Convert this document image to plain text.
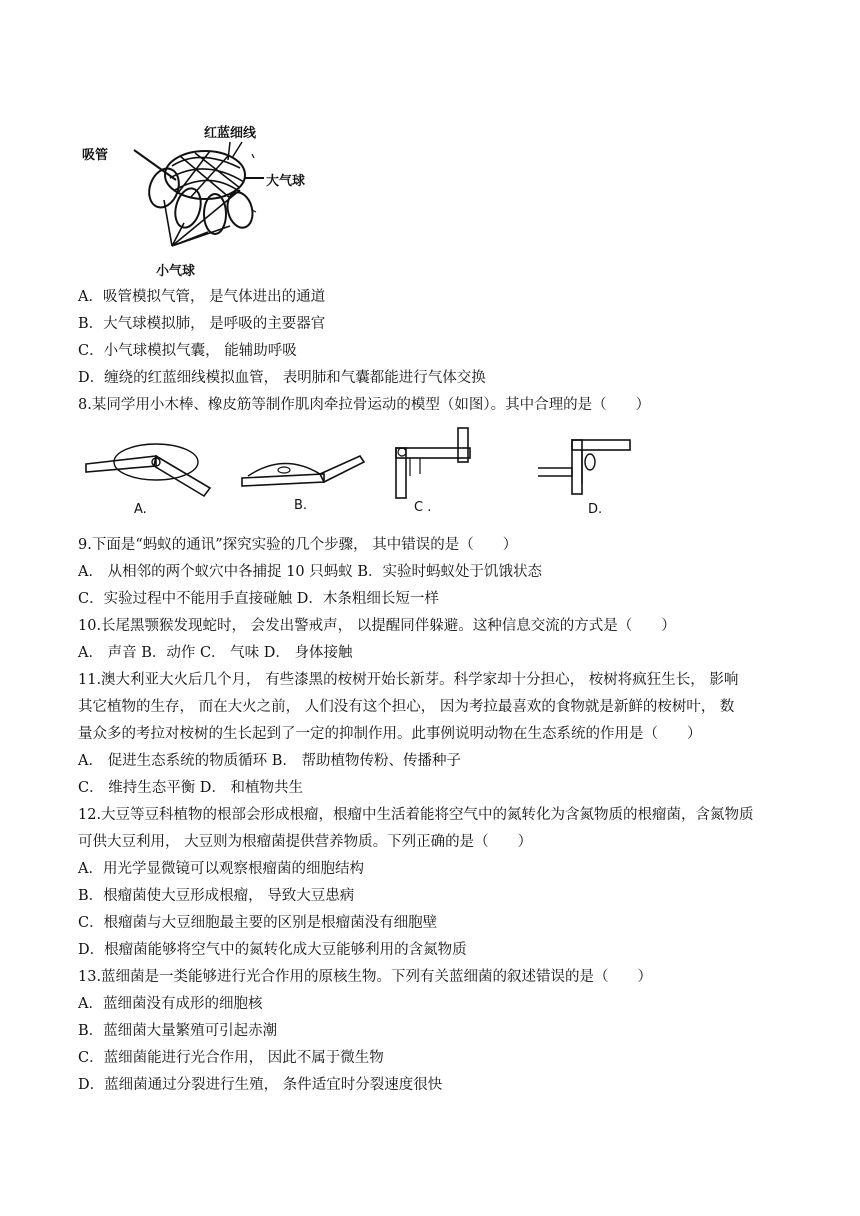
吸管
红蓝细线
大气球
小气球
A．吸管模拟气管， 是气体进出的通道
B．大气球模拟肺， 是呼吸的主要器官
C．小气球模拟气囊， 能辅助呼吸
D．缠绕的红蓝细线模拟血管， 表明肺和气囊都能进行气体交换
8.某同学用小木棒、橡皮筋等制作肌肉牵拉骨运动的模型（如图）。其中合理的是（　　）
A.	B.	C .	D.
9.下面是“蚂蚁的通讯”探究实验的几个步骤， 其中错误的是（　　）
A． 从相邻的两个蚁穴中各捕捉 10 只蚂蚁 B．实验时蚂蚁处于饥饿状态
C．实验过程中不能用手直接碰触 D．木条粗细长短一样
10.长尾黑颚猴发现蛇时， 会发出警戒声， 以提醒同伴躲避。这种信息交流的方式是（　　）
A． 声音 B．动作 C． 气味 D． 身体接触
11.澳大利亚大火后几个月， 有些漆黑的桉树开始长新芽。科学家却十分担心， 桉树将疯狂生长， 影响
其它植物的生存， 而在大火之前， 人们没有这个担心， 因为考拉最喜欢的食物就是新鲜的桉树叶， 数
量众多的考拉对桉树的生长起到了一定的抑制作用。此事例说明动物在生态系统的作用是（　　）
A． 促进生态系统的物质循环 B． 帮助植物传粉、传播种子
C． 维持生态平衡 D． 和植物共生
12.大豆等豆科植物的根部会形成根瘤，根瘤中生活着能将空气中的氮转化为含氮物质的根瘤菌，含氮物质
可供大豆利用， 大豆则为根瘤菌提供营养物质。下列正确的是（　　）
A．用光学显微镜可以观察根瘤菌的细胞结构
B．根瘤菌使大豆形成根瘤， 导致大豆患病
C．根瘤菌与大豆细胞最主要的区别是根瘤菌没有细胞壁
D．根瘤菌能够将空气中的氮转化成大豆能够利用的含氮物质
13.蓝细菌是一类能够进行光合作用的原核生物。下列有关蓝细菌的叙述错误的是（　　）
A．蓝细菌没有成形的细胞核
B．蓝细菌大量繁殖可引起赤潮
C．蓝细菌能进行光合作用， 因此不属于微生物
D．蓝细菌通过分裂进行生殖， 条件适宜时分裂速度很快
